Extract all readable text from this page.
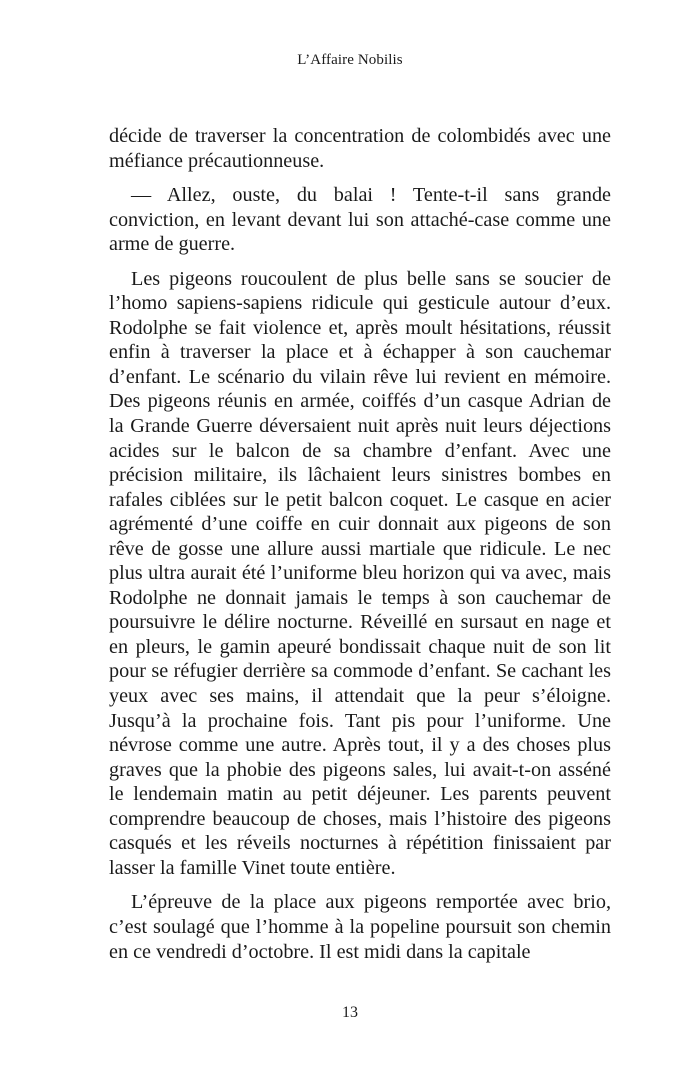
L’Affaire Nobilis

décide de traverser la concentration de colombidés avec une méfiance précautionneuse.

— Allez, ouste, du balai ! Tente-t-il sans grande conviction, en levant devant lui son attaché-case comme une arme de guerre.

Les pigeons roucoulent de plus belle sans se soucier de l’homo sapiens-sapiens ridicule qui gesticule autour d’eux. Rodolphe se fait violence et, après moult hésitations, réussit enfin à traverser la place et à échapper à son cauchemar d’enfant. Le scénario du vilain rêve lui revient en mémoire. Des pigeons réunis en armée, coiffés d’un casque Adrian de la Grande Guerre déversaient nuit après nuit leurs déjections acides sur le balcon de sa chambre d’enfant. Avec une précision militaire, ils lâchaient leurs sinistres bombes en rafales ciblées sur le petit balcon coquet. Le casque en acier agrémenté d’une coiffe en cuir donnait aux pigeons de son rêve de gosse une allure aussi martiale que ridicule. Le nec plus ultra aurait été l’uniforme bleu horizon qui va avec, mais Rodolphe ne donnait jamais le temps à son cauchemar de poursuivre le délire nocturne. Réveillé en sursaut en nage et en pleurs, le gamin apeuré bondissait chaque nuit de son lit pour se réfugier derrière sa commode d’enfant. Se cachant les yeux avec ses mains, il attendait que la peur s’éloigne. Jusqu’à la prochaine fois. Tant pis pour l’uniforme. Une névrose comme une autre. Après tout, il y a des choses plus graves que la phobie des pigeons sales, lui avait-t-on asséné le lendemain matin au petit déjeuner. Les parents peuvent comprendre beaucoup de choses, mais l’histoire des pigeons casqués et les réveils nocturnes à répétition finissaient par lasser la famille Vinet toute entière.

L’épreuve de la place aux pigeons remportée avec brio, c’est soulagé que l’homme à la popeline poursuit son chemin en ce vendredi d’octobre. Il est midi dans la capitale

13
